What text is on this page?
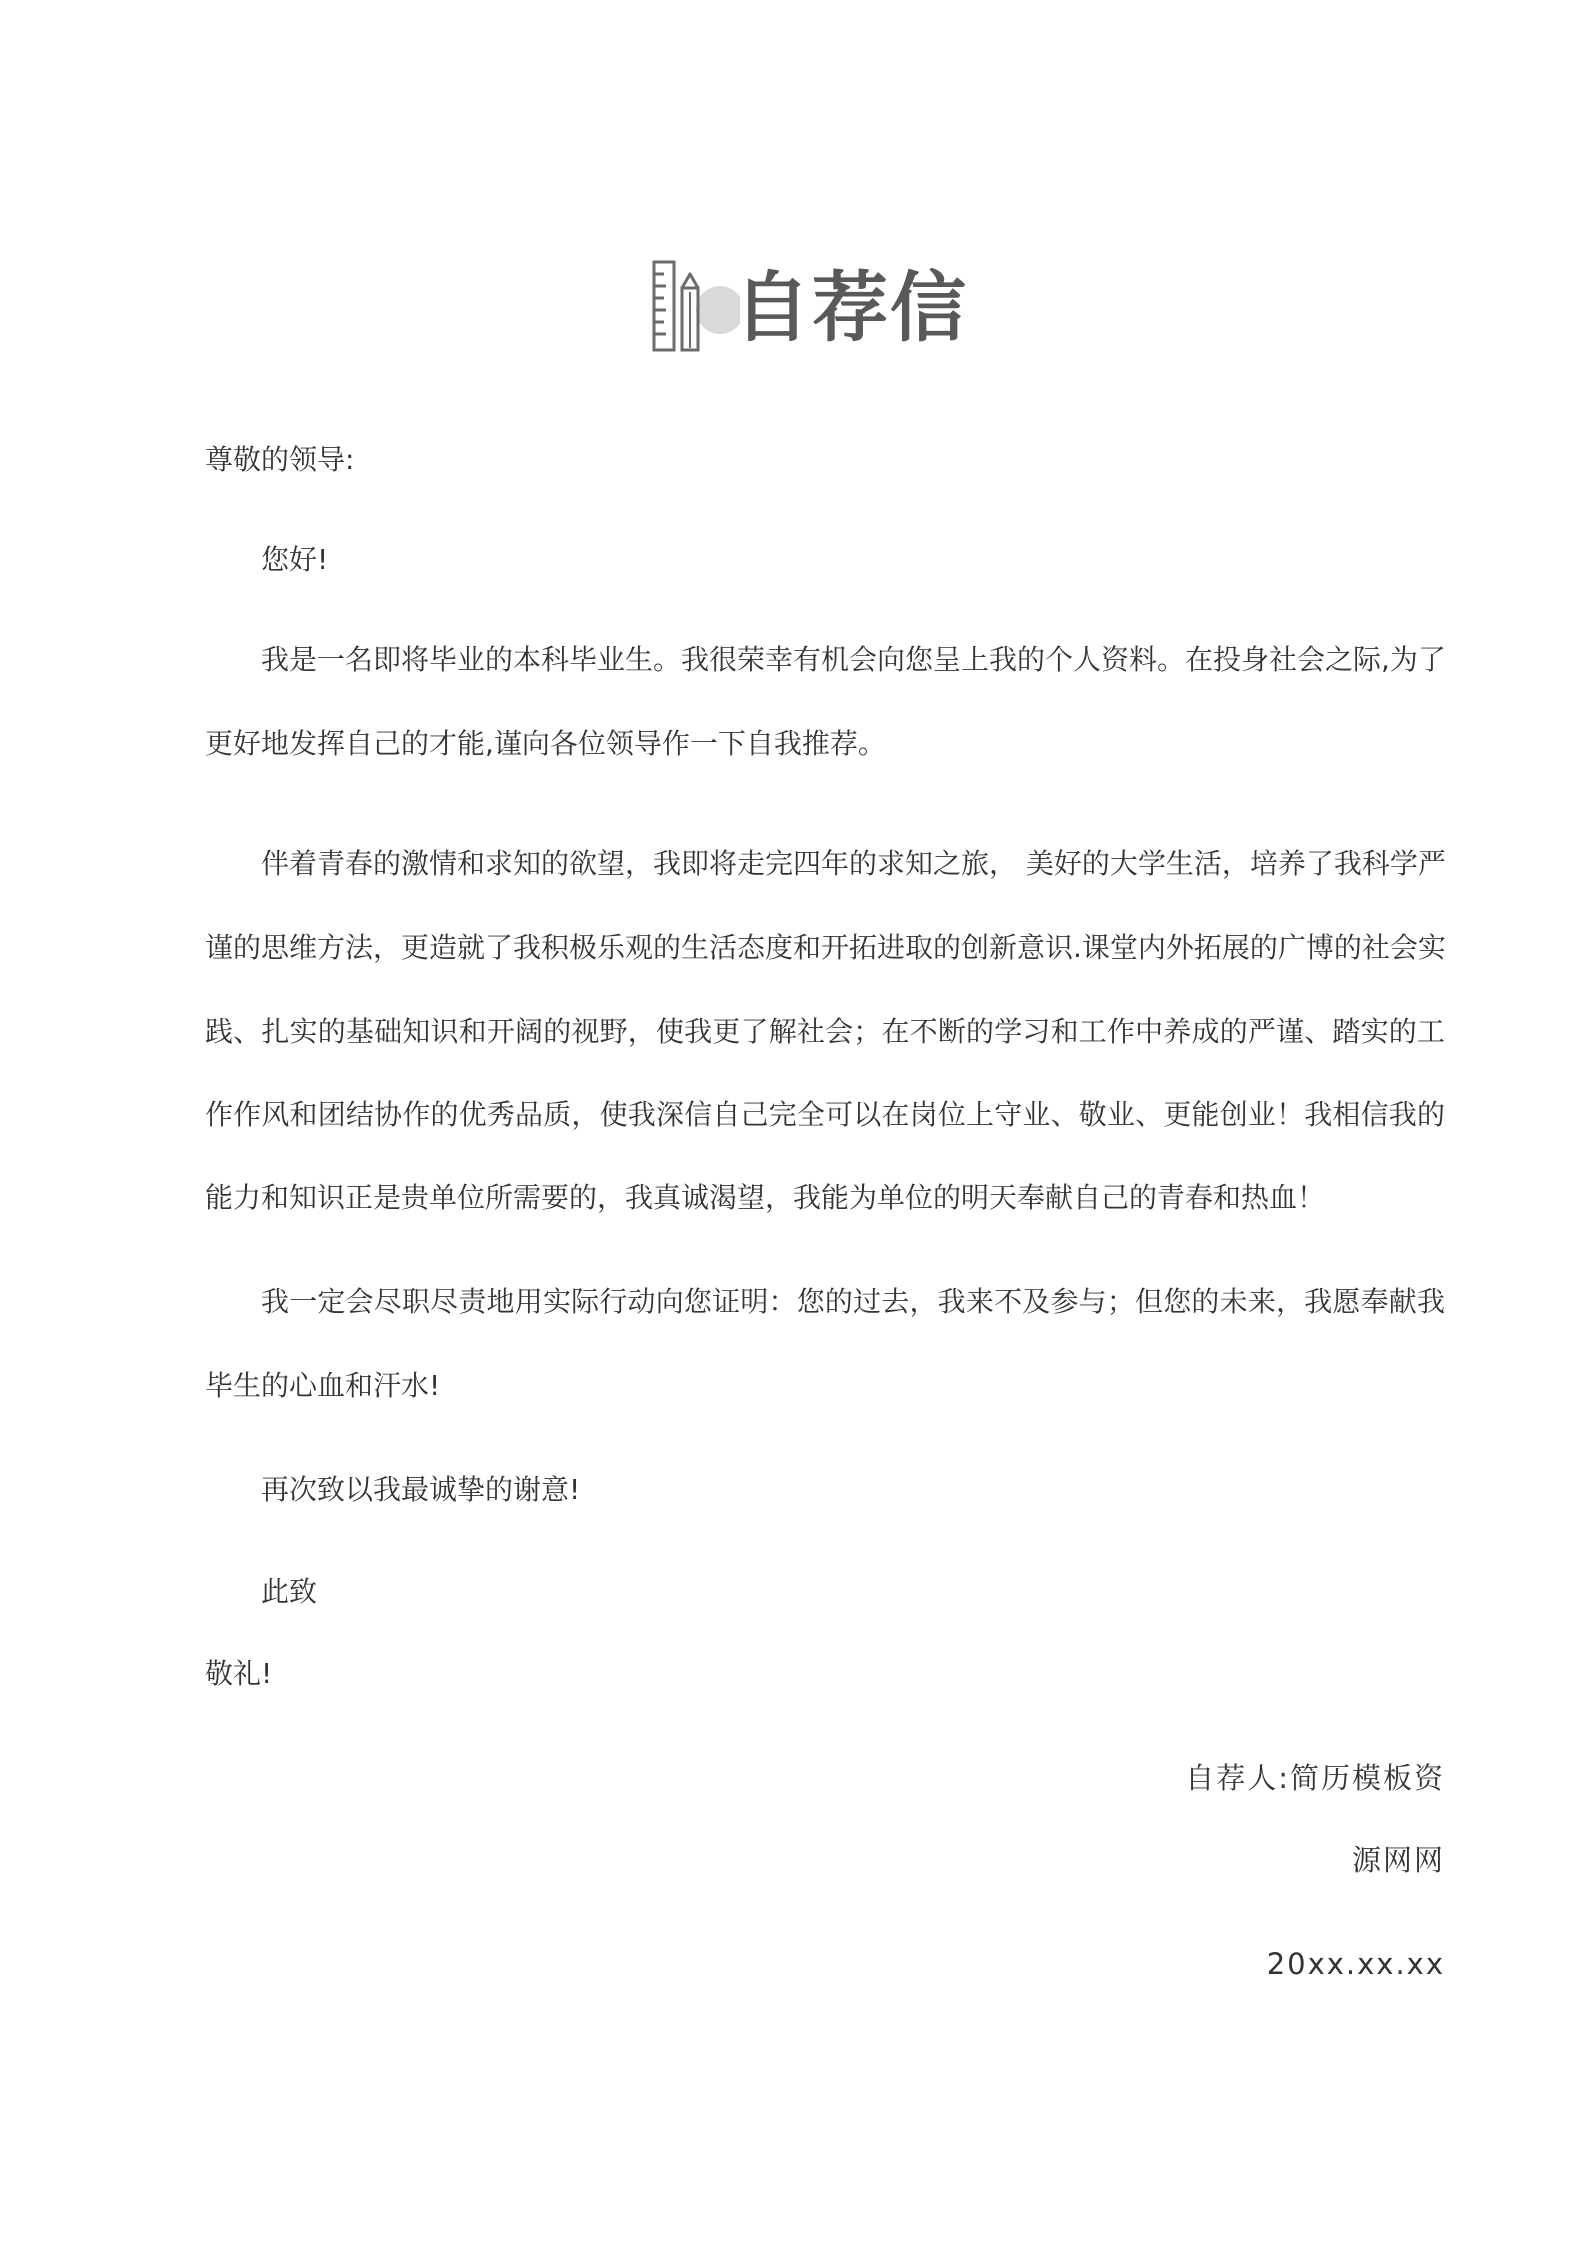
自荐信
尊敬的领导:
您好!
我是一名即将毕业的本科毕业生。我很荣幸有机会向您呈上我的个人资料。在投身社会之际,为了
更好地发挥自己的才能,谨向各位领导作一下自我推荐。
伴着青春的激情和求知的欲望，我即将走完四年的求知之旅， 美好的大学生活，培养了我科学严
谨的思维方法，更造就了我积极乐观的生活态度和开拓进取的创新意识.课堂内外拓展的广博的社会实
践、扎实的基础知识和开阔的视野，使我更了解社会；在不断的学习和工作中养成的严谨、踏实的工
作作风和团结协作的优秀品质，使我深信自己完全可以在岗位上守业、敬业、更能创业！我相信我的
能力和知识正是贵单位所需要的，我真诚渴望，我能为单位的明天奉献自己的青春和热血！
我一定会尽职尽责地用实际行动向您证明：您的过去，我来不及参与；但您的未来，我愿奉献我
毕生的心血和汗水!
再次致以我最诚挚的谢意!
此致
敬礼!
自荐人:简历模板资
源网网
20xx.xx.xx
